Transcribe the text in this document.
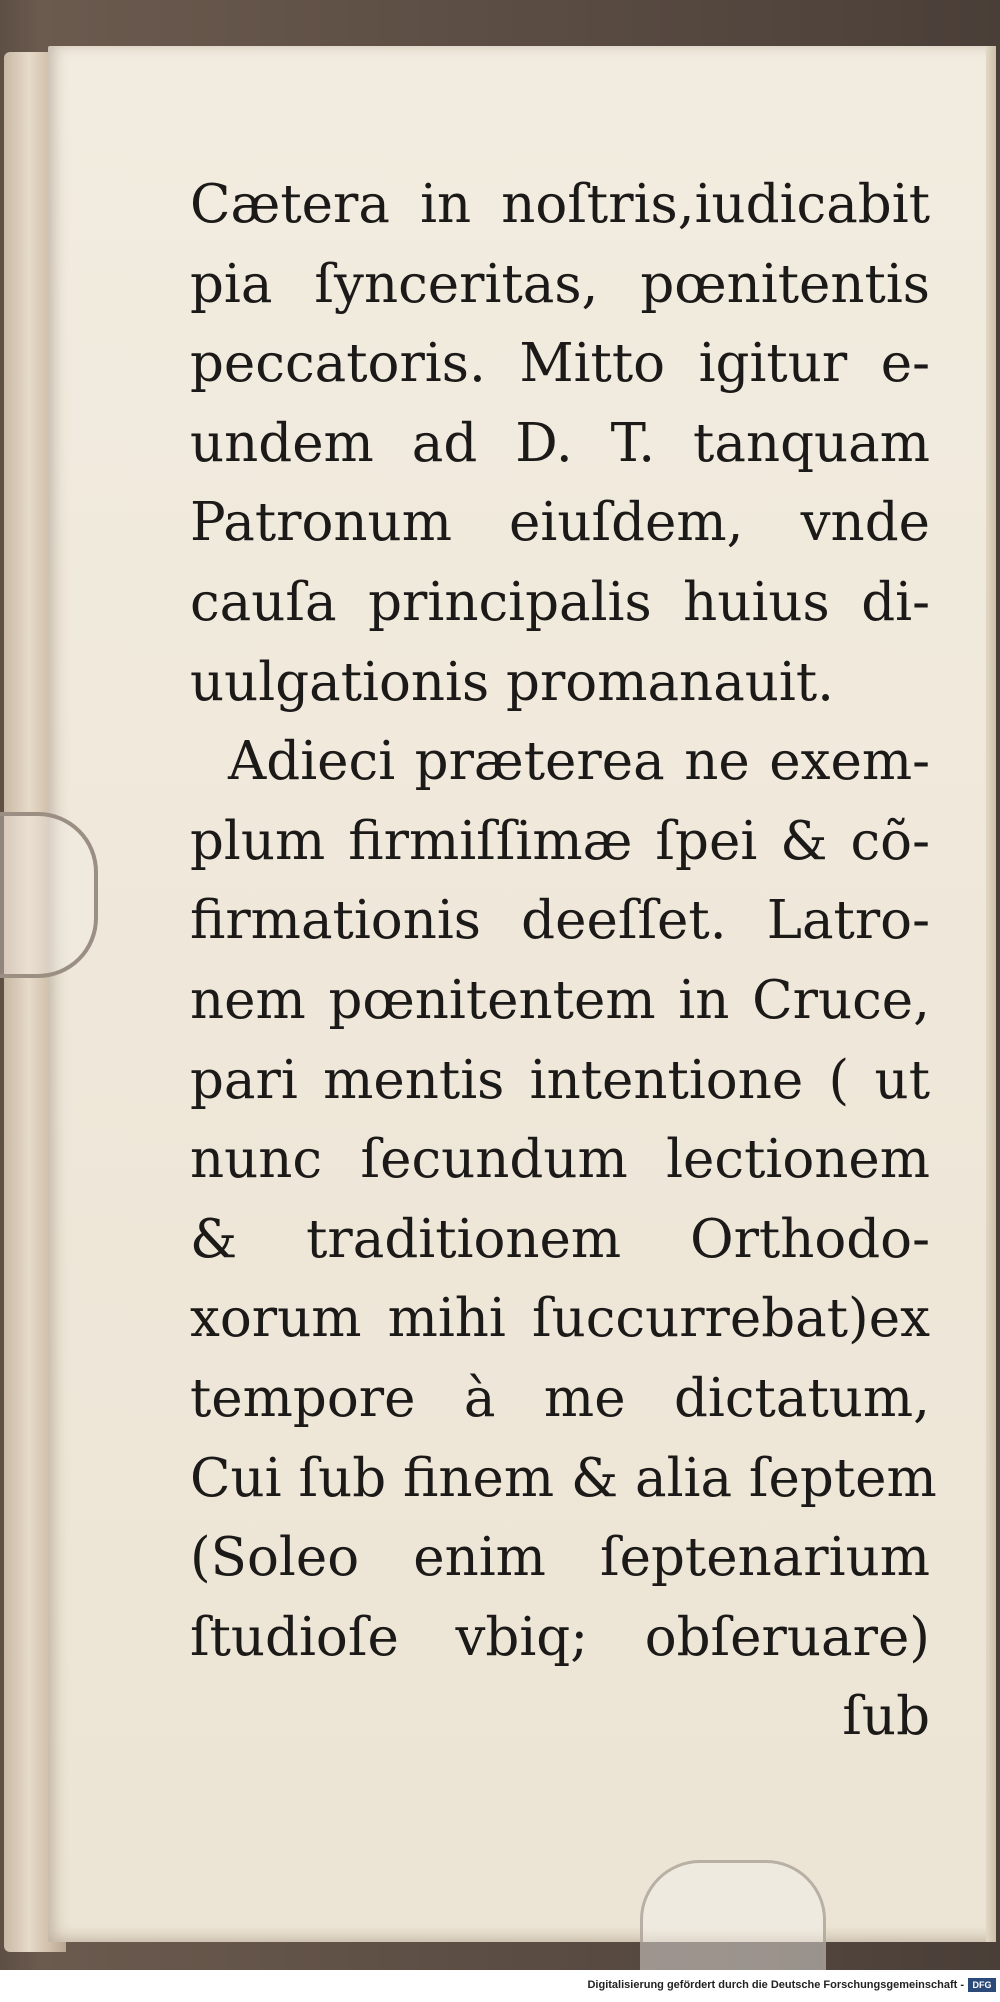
Cætera in noſtris,iudicabit
pia ſynceritas, pœnitentis
peccatoris. Mitto igitur e-
undem ad D. T. tanquam
Patronum eiuſdem, vnde
cauſa principalis huius di-
uulgationis promanauit.
Adieci præterea ne exem-
plum firmiſſimæ ſpei & cõ-
firmationis deeſſet. Latro-
nem pœnitentem in Cruce,
pari mentis intentione ( ut
nunc ſecundum lectionem
& traditionem Orthodo-
xorum mihi ſuccurrebat)ex
tempore à me dictatum,
Cui ſub finem & alia ſeptem
(Soleo enim ſeptenarium
ſtudioſe vbiq; obſeruare)
ſub
Digitalisierung gefördert durch die Deutsche Forschungsgemeinschaft - DFG
